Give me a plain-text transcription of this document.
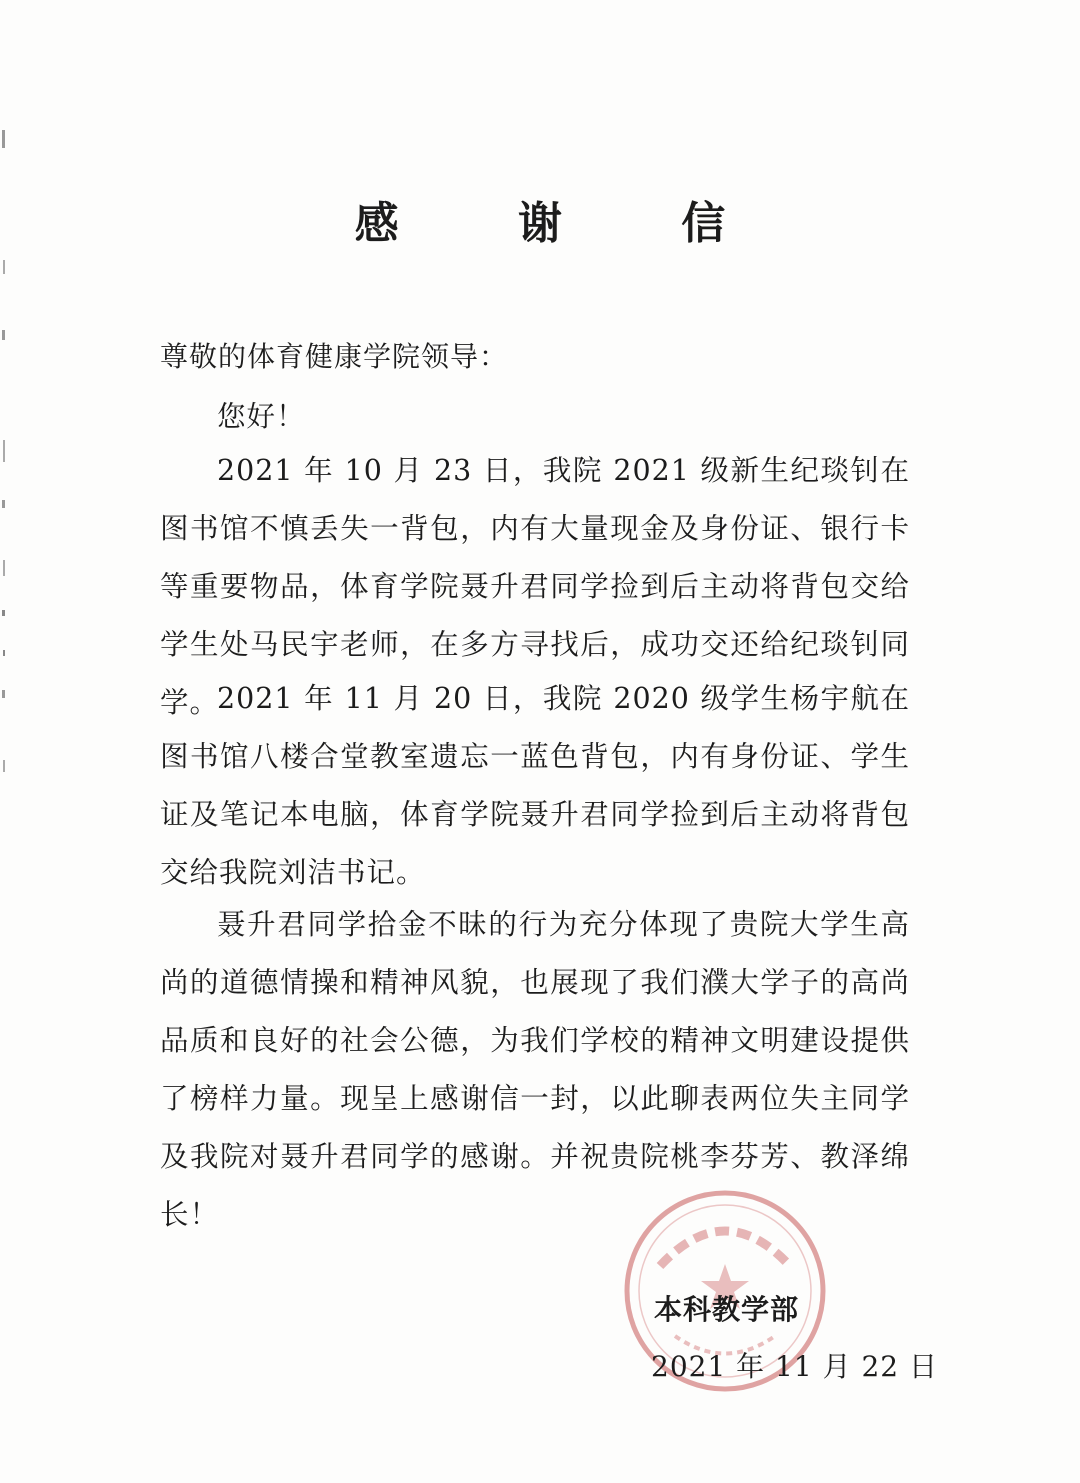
感 谢 信
尊敬的体育健康学院领导：

您好！

2021 年 10 月 23 日，我院 2021 级新生纪琰钊在图书馆不慎丢失一背包，内有大量现金及身份证、银行卡等重要物品，体育学院聂升君同学捡到后主动将背包交给学生处马民宇老师，在多方寻找后，成功交还给纪琰钊同学。

2021 年 11 月 20 日，我院 2020 级学生杨宇航在图书馆八楼合堂教室遗忘一蓝色背包，内有身份证、学生证及笔记本电脑，体育学院聂升君同学捡到后主动将背包交给我院刘洁书记。

聂升君同学拾金不昧的行为充分体现了贵院大学生高尚的道德情操和精神风貌，也展现了我们濮大学子的高尚品质和良好的社会公德，为我们学校的精神文明建设提供了榜样力量。现呈上感谢信一封，以此聊表两位失主同学及我院对聂升君同学的感谢。并祝贵院桃李芬芳、教泽绵长！

本科教学部
2021 年 11 月 22 日
